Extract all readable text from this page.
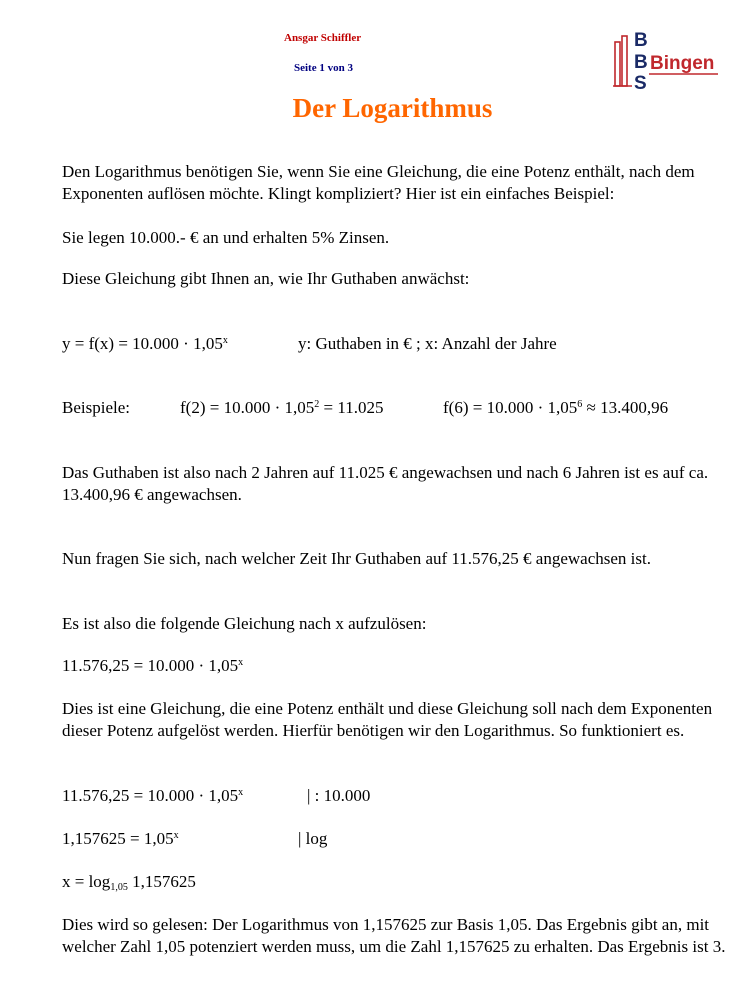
Ansgar Schiffler
Seite 1 von 3
B
B
S
Bingen
Der Logarithmus
Den Logarithmus benötigen Sie, wenn Sie eine Gleichung, die eine Potenz enthält, nach dem Exponenten auflösen möchte. Klingt kompliziert? Hier ist ein einfaches Beispiel:
Sie legen 10.000.- € an und erhalten 5% Zinsen.
Diese Gleichung gibt Ihnen an, wie Ihr Guthaben anwächst:
$y = f(x) = 10.000 \cdot 1,05^x$	y: Guthaben in € ; x: Anzahl der Jahre
Beispiele:	$f(2) = 10.000 \cdot 1,05^2 = 11.025$	$f(6) = 10.000 \cdot 1,05^6 \approx 13.400,96$
Das Guthaben ist also nach 2 Jahren auf 11.025 € angewachsen und nach 6 Jahren ist es auf ca. 13.400,96 € angewachsen.
Nun fragen Sie sich, nach welcher Zeit Ihr Guthaben auf 11.576,25 € angewachsen ist.
Es ist also die folgende Gleichung nach x aufzulösen:
$11.576,25 = 10.000 \cdot 1,05^x$
Dies ist eine Gleichung, die eine Potenz enthält und diese Gleichung soll nach dem Exponenten dieser Potenz aufgelöst werden. Hierfür benötigen wir den Logarithmus. So funktioniert es.
$11.576,25 = 10.000 \cdot 1,05^x$	| : 10.000
$1,157625 = 1,05^x$	| log
$x = \log_{1,05} 1,157625$
Dies wird so gelesen: Der Logarithmus von 1,157625 zur Basis 1,05. Das Ergebnis gibt an, mit welcher Zahl 1,05 potenziert werden muss, um die Zahl 1,157625 zu erhalten. Das Ergebnis ist 3.
